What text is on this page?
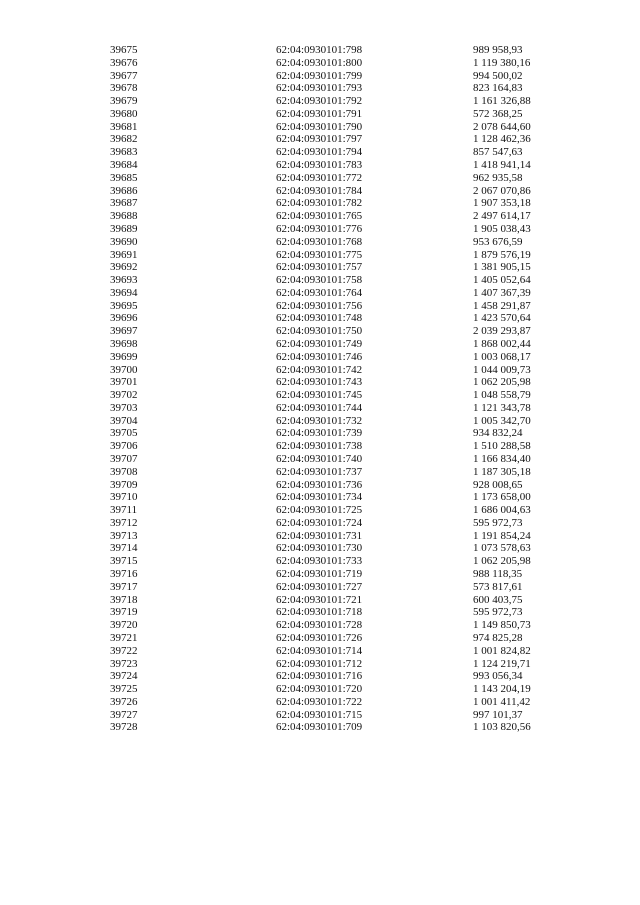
39675	62:04:0930101:798	989 958,93
39676	62:04:0930101:800	1 119 380,16
39677	62:04:0930101:799	994 500,02
39678	62:04:0930101:793	823 164,83
39679	62:04:0930101:792	1 161 326,88
39680	62:04:0930101:791	572 368,25
39681	62:04:0930101:790	2 078 644,60
39682	62:04:0930101:797	1 128 462,36
39683	62:04:0930101:794	857 547,63
39684	62:04:0930101:783	1 418 941,14
39685	62:04:0930101:772	962 935,58
39686	62:04:0930101:784	2 067 070,86
39687	62:04:0930101:782	1 907 353,18
39688	62:04:0930101:765	2 497 614,17
39689	62:04:0930101:776	1 905 038,43
39690	62:04:0930101:768	953 676,59
39691	62:04:0930101:775	1 879 576,19
39692	62:04:0930101:757	1 381 905,15
39693	62:04:0930101:758	1 405 052,64
39694	62:04:0930101:764	1 407 367,39
39695	62:04:0930101:756	1 458 291,87
39696	62:04:0930101:748	1 423 570,64
39697	62:04:0930101:750	2 039 293,87
39698	62:04:0930101:749	1 868 002,44
39699	62:04:0930101:746	1 003 068,17
39700	62:04:0930101:742	1 044 009,73
39701	62:04:0930101:743	1 062 205,98
39702	62:04:0930101:745	1 048 558,79
39703	62:04:0930101:744	1 121 343,78
39704	62:04:0930101:732	1 005 342,70
39705	62:04:0930101:739	934 832,24
39706	62:04:0930101:738	1 510 288,58
39707	62:04:0930101:740	1 166 834,40
39708	62:04:0930101:737	1 187 305,18
39709	62:04:0930101:736	928 008,65
39710	62:04:0930101:734	1 173 658,00
39711	62:04:0930101:725	1 686 004,63
39712	62:04:0930101:724	595 972,73
39713	62:04:0930101:731	1 191 854,24
39714	62:04:0930101:730	1 073 578,63
39715	62:04:0930101:733	1 062 205,98
39716	62:04:0930101:719	988 118,35
39717	62:04:0930101:727	573 817,61
39718	62:04:0930101:721	600 403,75
39719	62:04:0930101:718	595 972,73
39720	62:04:0930101:728	1 149 850,73
39721	62:04:0930101:726	974 825,28
39722	62:04:0930101:714	1 001 824,82
39723	62:04:0930101:712	1 124 219,71
39724	62:04:0930101:716	993 056,34
39725	62:04:0930101:720	1 143 204,19
39726	62:04:0930101:722	1 001 411,42
39727	62:04:0930101:715	997 101,37
39728	62:04:0930101:709	1 103 820,56
